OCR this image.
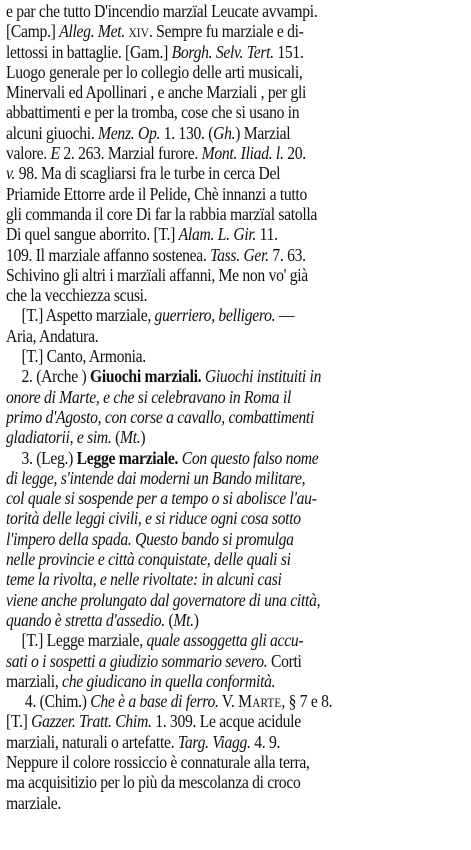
e par che tutto D'incendio marzïal Leucate avvampi.
[Camp.] Alleg. Met. xiv. Sempre fu marziale e di-
lettossi in battaglie. [Gam.] Borgh. Selv. Tert. 151.
Luogo generale per lo collegio delle arti musicali,
Minervali ed Apollinari , e anche Marziali , per gli
abbattimenti e per la tromba, cose che si usano in
alcuni giuochi. Menz. Op. 1. 130. (Gh.) Marzial
valore. E 2. 263. Marzial furore. Mont. Iliad. l. 20.
v. 98. Ma di scagliarsi fra le turbe in cerca Del
Priamide Ettorre arde il Pelide, Chè innanzi a tutto
gli commanda il core Di far la rabbia marzïal satolla
Di quel sangue aborrito. [T.] Alam. L. Gir. 11.
109. Il marziale affanno sostenea. Tass. Ger. 7. 63.
Schivino gli altri i marzïali affanni, Me non vo' già
che la vecchiezza scusi.
[T.] Aspetto marziale, guerriero, belligero. —
Aria, Andatura.
[T.] Canto, Armonia.
2. (Arche ) Giuochi marziali. Giuochi instituiti in
onore di Marte, e che si celebravano in Roma il
primo d'Agosto, con corse a cavallo, combattimenti
gladiatorii, e sim. (Mt.)
3. (Leg.) Legge marziale. Con questo falso nome
di legge, s'intende dai moderni un Bando militare,
col quale si sospende per a tempo o si abolisce l'au-
torità delle leggi civili, e si riduce ogni cosa sotto
l'impero della spada. Questo bando si promulga
nelle provincie e città conquistate, delle quali si
teme la rivolta, e nelle rivoltate: in alcuni casi
viene anche prolungato dal governatore di una città,
quando è stretta d'assedio. (Mt.)
[T.] Legge marziale, quale assoggetta gli accu-
sati o i sospetti a giudizio sommario severo. Corti
marziali, che giudicano in quella conformità.
4. (Chim.) Che è a base di ferro. V. Marte, § 7 e 8.
[T.] Gazzer. Tratt. Chim. 1. 309. Le acque acidule
marziali, naturali o artefatte. Targ. Viagg. 4. 9.
Neppure il colore rossiccio è connaturale alla terra,
ma acquisitizio per lo più da mescolanza di croco
marziale.
